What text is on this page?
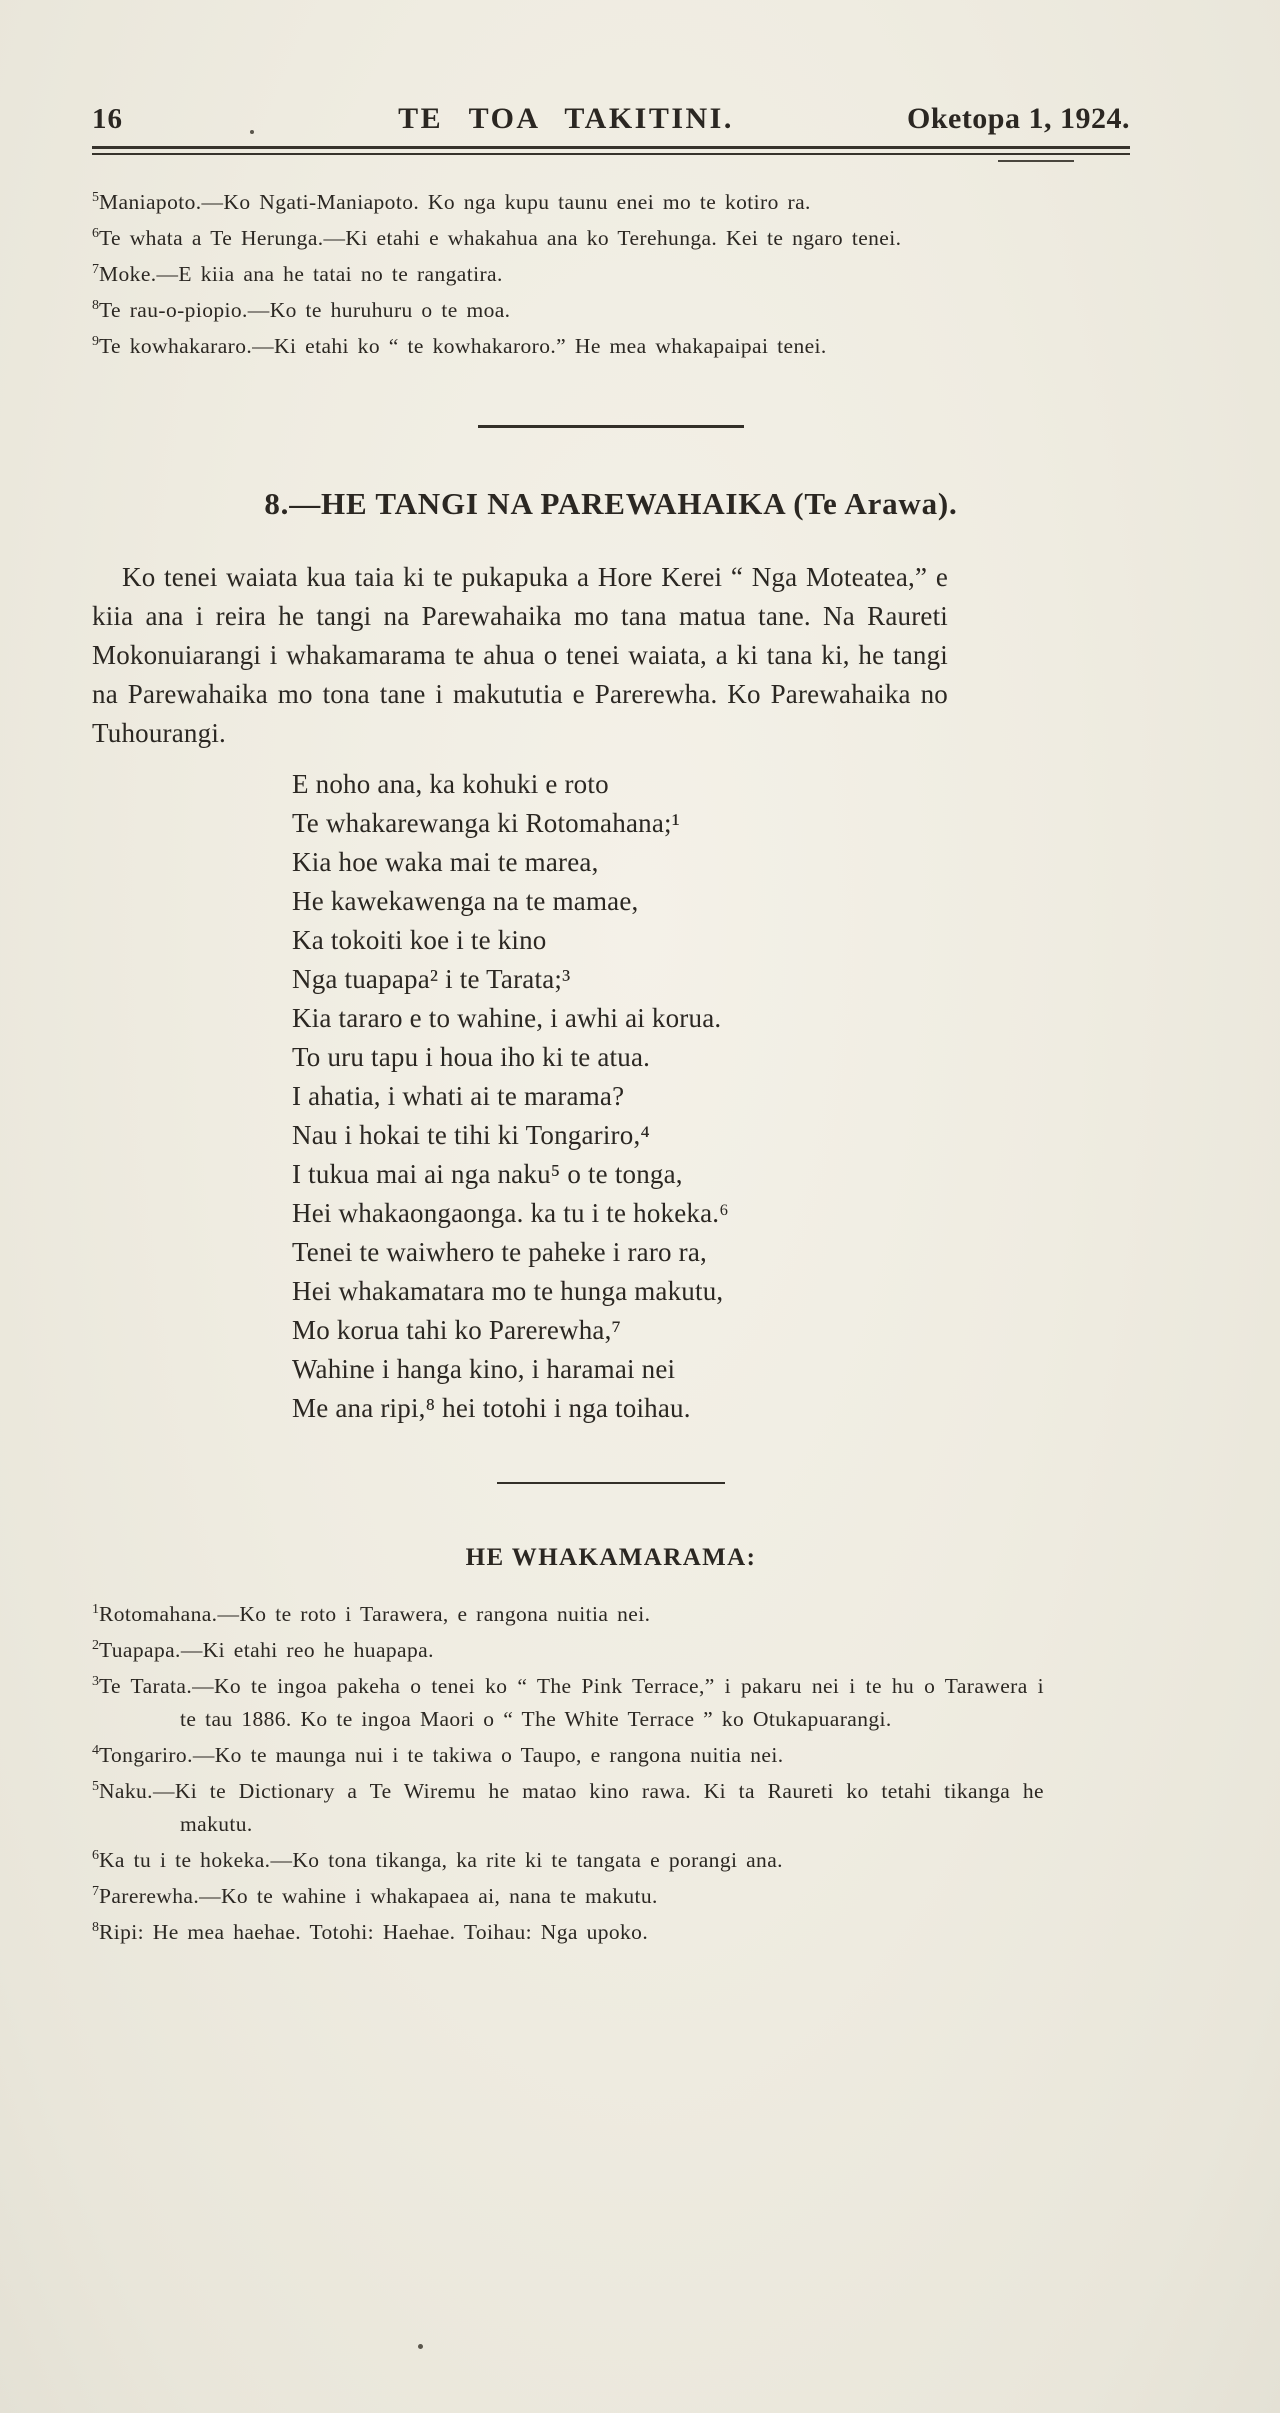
16	TE TOA TAKITINI.	Oketopa 1, 1924.

$^5$Maniapoto.—Ko Ngati-Maniapoto. Ko nga kupu taunu enei mo te kotiro ra.

$^6$Te whata a Te Herunga.—Ki etahi e whakahua ana ko Terehunga. Kei te ngaro tenei.

$^7$Moke.—E kiia ana he tatai no te rangatira.

$^8$Te rau-o-piopio.—Ko te huruhuru o te moa.

$^9$Te kowhakararo.—Ki etahi ko “ te kowhakaroro.” He mea whakapaipai tenei.

8.—HE TANGI NA PAREWAHAIKA (Te Arawa).

Ko tenei waiata kua taia ki te pukapuka a Hore Kerei “ Nga Moteatea,” e kiia ana i reira he tangi na Parewahaika mo tana matua tane. Na Raureti Mokonuiarangi i whakamarama te ahua o tenei waiata, a ki tana ki, he tangi na Parewahaika mo tona tane i makututia e Parerewha. Ko Parewahaika no Tuhourangi.

E noho ana, ka kohuki e roto
Te whakarewanga ki Rotomahana;¹
Kia hoe waka mai te marea,
He kawekawenga na te mamae,
Ka tokoiti koe i te kino
Nga tuapapa² i te Tarata;³
Kia tararo e to wahine, i awhi ai korua.
To uru tapu i houa iho ki te atua.
I ahatia, i whati ai te marama?
Nau i hokai te tihi ki Tongariro,⁴
I tukua mai ai nga naku⁵ o te tonga,
Hei whakaongaonga. ka tu i te hokeka.⁶
Tenei te waiwhero te paheke i raro ra,
Hei whakamatara mo te hunga makutu,
Mo korua tahi ko Parerewha,⁷
Wahine i hanga kino, i haramai nei
Me ana ripi,⁸ hei totohi i nga toihau.
HE WHAKAMARAMA:

$^1$Rotomahana.—Ko te roto i Tarawera, e rangona nuitia nei.

$^2$Tuapapa.—Ki etahi reo he huapapa.

$^3$Te Tarata.—Ko te ingoa pakeha o tenei ko “ The Pink Terrace,” i pakaru nei i te hu o Tarawera i te tau 1886. Ko te ingoa Maori o “ The White Terrace ” ko Otukapuarangi.

$^4$Tongariro.—Ko te maunga nui i te takiwa o Taupo, e rangona nuitia nei.

$^5$Naku.—Ki te Dictionary a Te Wiremu he matao kino rawa. Ki ta Raureti ko tetahi tikanga he makutu.

$^6$Ka tu i te hokeka.—Ko tona tikanga, ka rite ki te tangata e porangi ana.

$^7$Parerewha.—Ko te wahine i whakapaea ai, nana te makutu.

$^8$Ripi: He mea haehae. Totohi: Haehae. Toihau: Nga upoko.
